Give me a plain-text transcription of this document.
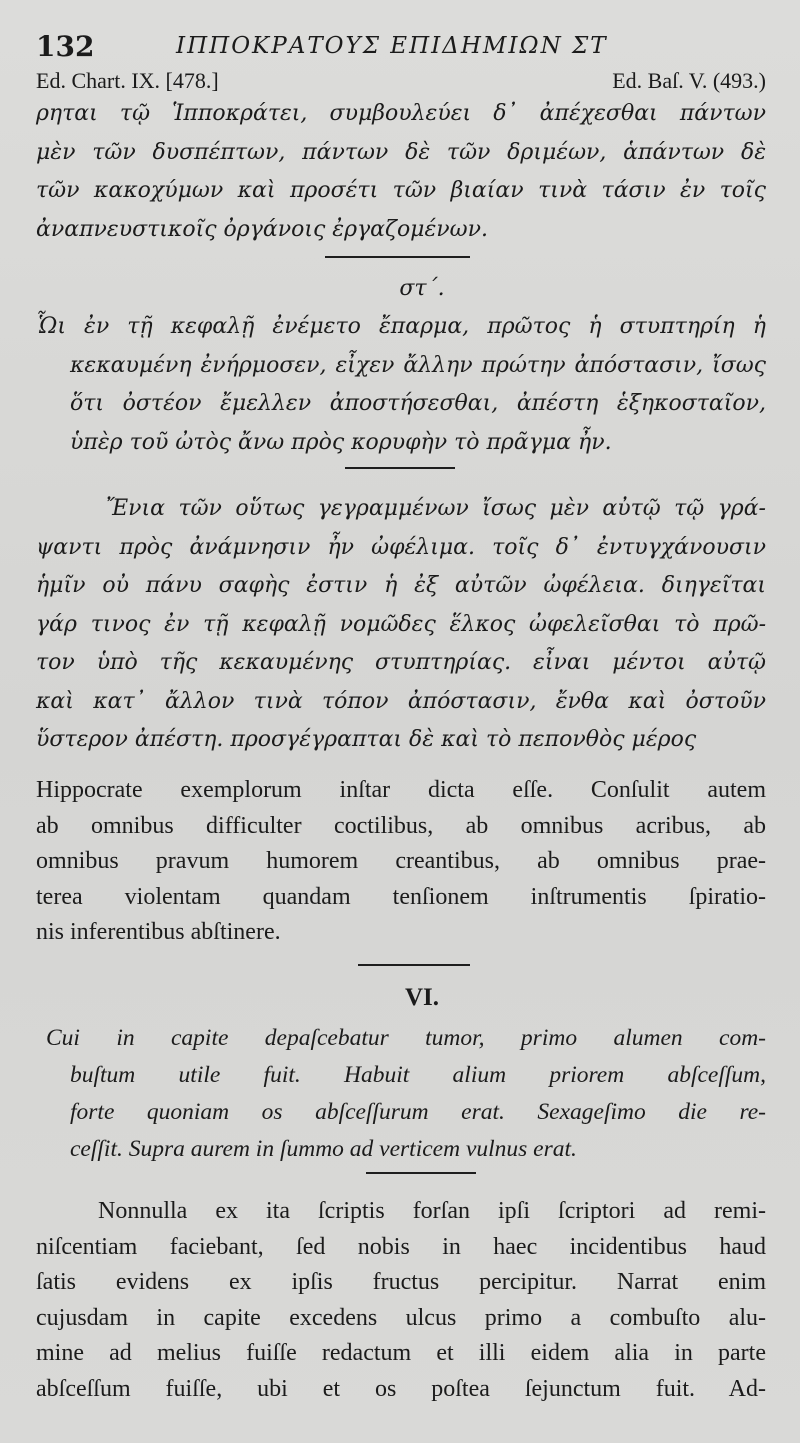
132	ΙΠΠΟΚΡΑΤΟΥΣ ΕΠΙΔΗΜΙΩΝ ΣΤ
Ed. Chart. IX. [478.]	Ed. Baſ. V. (493.)
ρηται τῷ Ἱπποκράτει, συμβουλεύει δ᾽ ἀπέχεσθαι πάντων
μὲν τῶν δυσπέπτων, πάντων δὲ τῶν δριμέων, ἁπάντων δὲ
τῶν κακοχύμων καὶ προσέτι τῶν βιαίαν τινὰ τάσιν ἐν τοῖς
ἀναπνευστικοῖς ὀργάνοις ἐργαζομένων.
στ΄.
Ὧι ἐν τῇ κεφαλῇ ἐνέμετο ἔπαρμα, πρῶτος ἡ στυπτηρίη ἡ
κεκαυμένη ἐνήρμοσεν, εἶχεν ἄλλην πρώτην ἀπόστασιν, ἴσως
ὅτι ὀστέον ἔμελλεν ἀποστήσεσθαι, ἀπέστη ἑξηκοσταῖον,
ὑπὲρ τοῦ ὠτὸς ἄνω πρὸς κορυφὴν τὸ πρᾶγμα ἦν.
Ἔνια τῶν οὕτως γεγραμμένων ἴσως μὲν αὐτῷ τῷ γρά-
ψαντι πρὸς ἀνάμνησιν ἦν ὠφέλιμα. τοῖς δ᾽ ἐντυγχάνουσιν
ἡμῖν οὐ πάνυ σαφὴς ἐστιν ἡ ἐξ αὐτῶν ὠφέλεια. διηγεῖται
γάρ τινος ἐν τῇ κεφαλῇ νομῶδες ἕλκος ὠφελεῖσθαι τὸ πρῶ-
τον ὑπὸ τῆς κεκαυμένης στυπτηρίας. εἶναι μέντοι αὐτῷ
καὶ κατ᾽ ἄλλον τινὰ τόπον ἀπόστασιν, ἔνθα καὶ ὀστοῦν
ὕστερον ἀπέστη. προσγέγραπται δὲ καὶ τὸ πεπονθὸς μέρος
Hippocrate exemplorum inſtar dicta eſſe. Conſulit autem
ab omnibus difficulter coctilibus, ab omnibus acribus, ab
omnibus pravum humorem creantibus, ab omnibus prae-
terea violentam quandam tenſionem inſtrumentis ſpiratio-
nis inferentibus abſtinere.
VI.
Cui in capite depaſcebatur tumor, primo alumen com-
buſtum utile fuit. Habuit alium priorem abſceſſum,
forte quoniam os abſceſſurum erat. Sexageſimo die re-
ceſſit. Supra aurem in ſummo ad verticem vulnus erat.
Nonnulla ex ita ſcriptis forſan ipſi ſcriptori ad remi-
niſcentiam faciebant, ſed nobis in haec incidentibus haud
ſatis evidens ex ipſis fructus percipitur. Narrat enim
cujusdam in capite excedens ulcus primo a combuſto alu-
mine ad melius fuiſſe redactum et illi eidem alia in parte
abſceſſum fuiſſe, ubi et os poſtea ſejunctum fuit. Ad-
